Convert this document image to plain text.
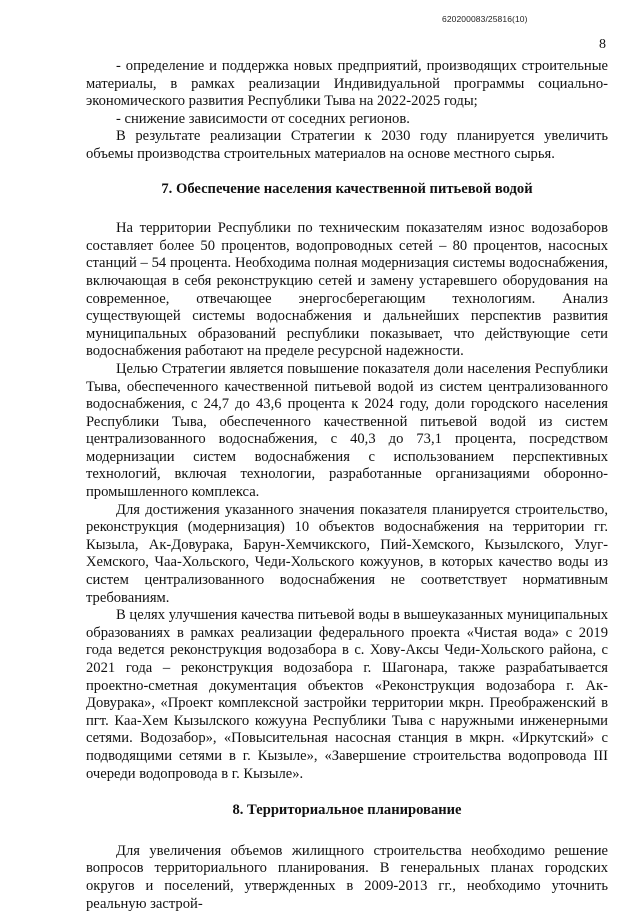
620200083/25816(10)
8

- определение и поддержка новых предприятий, производящих строительные материалы, в рамках реализации Индивидуальной программы социально-экономического развития Республики Тыва на 2022-2025 годы;

- снижение зависимости от соседних регионов.

В результате реализации Стратегии к 2030 году планируется увеличить объемы производства строительных материалов на основе местного сырья.

7. Обеспечение населения качественной питьевой водой

На территории Республики по техническим показателям износ водозаборов составляет более 50 процентов, водопроводных сетей – 80 процентов, насосных станций – 54 процента. Необходима полная модернизация системы водоснабжения, включающая в себя реконструкцию сетей и замену устаревшего оборудования на современное, отвечающее энергосберегающим технологиям. Анализ существующей системы водоснабжения и дальнейших перспектив развития муниципальных образований республики показывает, что действующие сети водоснабжения работают на пределе ресурсной надежности.

Целью Стратегии является повышение показателя доли населения Республики Тыва, обеспеченного качественной питьевой водой из систем централизованного водоснабжения, с 24,7 до 43,6 процента к 2024 году, доли городского населения Республики Тыва, обеспеченного качественной питьевой водой из систем централизованного водоснабжения, с 40,3 до 73,1 процента, посредством модернизации систем водоснабжения с использованием перспективных технологий, включая технологии, разработанные организациями оборонно-промышленного комплекса.

Для достижения указанного значения показателя планируется строительство, реконструкция (модернизация) 10 объектов водоснабжения на территории гг. Кызыла, Ак-Довурака, Барун-Хемчикского, Пий-Хемского, Кызылского, Улуг-Хемского, Чаа-Хольского, Чеди-Хольского кожуунов, в которых качество воды из систем централизованного водоснабжения не соответствует нормативным требованиям.

В целях улучшения качества питьевой воды в вышеуказанных муниципальных образованиях в рамках реализации федерального проекта «Чистая вода» с 2019 года ведется реконструкция водозабора в с. Хову-Аксы Чеди-Хольского района, с 2021 года – реконструкция водозабора г. Шагонара, также разрабатывается проектно-сметная документация объектов «Реконструкция водозабора г. Ак-Довурака», «Проект комплексной застройки территории мкрн. Преображенский в пгт. Каа-Хем Кызылского кожууна Республики Тыва с наружными инженерными сетями. Водозабор», «Повысительная насосная станция в мкрн. «Иркутский» с подводящими сетями в г. Кызыле», «Завершение строительства водопровода III очереди водопровода в г. Кызыле».

8. Территориальное планирование

Для увеличения объемов жилищного строительства необходимо решение вопросов территориального планирования. В генеральных планах городских округов и поселений, утвержденных в 2009-2013 гг., необходимо уточнить реальную застрой-
